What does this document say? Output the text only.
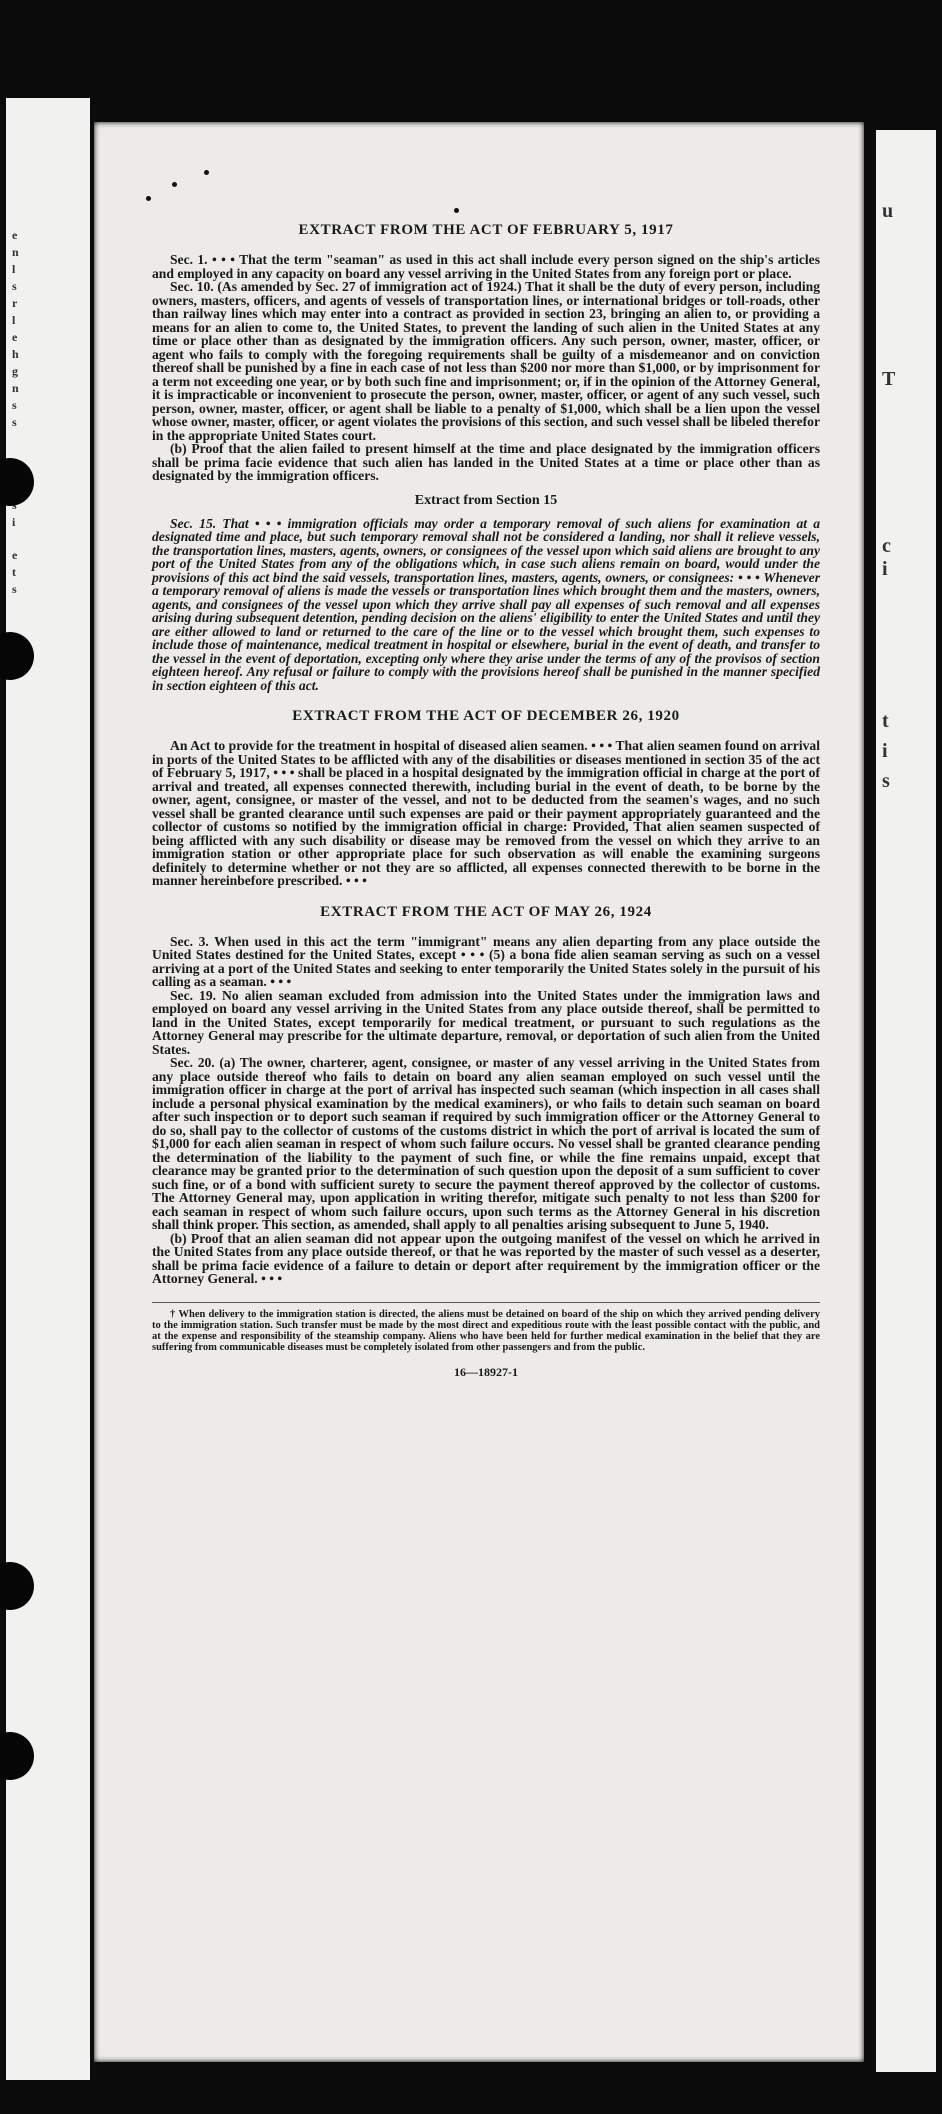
e
n
l
s
r
l
e
h
g
n
s
s
i
e
t
s
u
T
c
i
t
i
s
EXTRACT FROM THE ACT OF FEBRUARY 5, 1917

Sec. 1. • • • That the term "seaman" as used in this act shall include every person signed on the ship's articles and employed in any capacity on board any vessel arriving in the United States from any foreign port or place.

Sec. 10. (As amended by Sec. 27 of immigration act of 1924.) That it shall be the duty of every person, including owners, masters, officers, and agents of vessels of transportation lines, or international bridges or toll-roads, other than railway lines which may enter into a contract as provided in section 23, bringing an alien to, or providing a means for an alien to come to, the United States, to prevent the landing of such alien in the United States at any time or place other than as designated by the immigration officers. Any such person, owner, master, officer, or agent who fails to comply with the foregoing requirements shall be guilty of a misdemeanor and on conviction thereof shall be punished by a fine in each case of not less than $200 nor more than $1,000, or by imprisonment for a term not exceeding one year, or by both such fine and imprisonment; or, if in the opinion of the Attorney General, it is impracticable or inconvenient to prosecute the person, owner, master, officer, or agent of any such vessel, such person, owner, master, officer, or agent shall be liable to a penalty of $1,000, which shall be a lien upon the vessel whose owner, master, officer, or agent violates the provisions of this section, and such vessel shall be libeled therefor in the appropriate United States court.

(b) Proof that the alien failed to present himself at the time and place designated by the immigration officers shall be prima facie evidence that such alien has landed in the United States at a time or place other than as designated by the immigration officers.

Extract from Section 15

Sec. 15. That • • • immigration officials may order a temporary removal of such aliens for examination at a designated time and place, but such temporary removal shall not be considered a landing, nor shall it relieve vessels, the transportation lines, masters, agents, owners, or consignees of the vessel upon which said aliens are brought to any port of the United States from any of the obligations which, in case such aliens remain on board, would under the provisions of this act bind the said vessels, transportation lines, masters, agents, owners, or consignees: • • • Whenever a temporary removal of aliens is made the vessels or transportation lines which brought them and the masters, owners, agents, and consignees of the vessel upon which they arrive shall pay all expenses of such removal and all expenses arising during subsequent detention, pending decision on the aliens' eligibility to enter the United States and until they are either allowed to land or returned to the care of the line or to the vessel which brought them, such expenses to include those of maintenance, medical treatment in hospital or elsewhere, burial in the event of death, and transfer to the vessel in the event of deportation, excepting only where they arise under the terms of any of the provisos of section eighteen hereof. Any refusal or failure to comply with the provisions hereof shall be punished in the manner specified in section eighteen of this act.

EXTRACT FROM THE ACT OF DECEMBER 26, 1920

An Act to provide for the treatment in hospital of diseased alien seamen. • • • That alien seamen found on arrival in ports of the United States to be afflicted with any of the disabilities or diseases mentioned in section 35 of the act of February 5, 1917, • • • shall be placed in a hospital designated by the immigration official in charge at the port of arrival and treated, all expenses connected therewith, including burial in the event of death, to be borne by the owner, agent, consignee, or master of the vessel, and not to be deducted from the seamen's wages, and no such vessel shall be granted clearance until such expenses are paid or their payment appropriately guaranteed and the collector of customs so notified by the immigration official in charge: Provided, That alien seamen suspected of being afflicted with any such disability or disease may be removed from the vessel on which they arrive to an immigration station or other appropriate place for such observation as will enable the examining surgeons definitely to determine whether or not they are so afflicted, all expenses connected therewith to be borne in the manner hereinbefore prescribed. • • •

EXTRACT FROM THE ACT OF MAY 26, 1924

Sec. 3. When used in this act the term "immigrant" means any alien departing from any place outside the United States destined for the United States, except • • • (5) a bona fide alien seaman serving as such on a vessel arriving at a port of the United States and seeking to enter temporarily the United States solely in the pursuit of his calling as a seaman. • • •

Sec. 19. No alien seaman excluded from admission into the United States under the immigration laws and employed on board any vessel arriving in the United States from any place outside thereof, shall be permitted to land in the United States, except temporarily for medical treatment, or pursuant to such regulations as the Attorney General may prescribe for the ultimate departure, removal, or deportation of such alien from the United States.

Sec. 20. (a) The owner, charterer, agent, consignee, or master of any vessel arriving in the United States from any place outside thereof who fails to detain on board any alien seaman employed on such vessel until the immigration officer in charge at the port of arrival has inspected such seaman (which inspection in all cases shall include a personal physical examination by the medical examiners), or who fails to detain such seaman on board after such inspection or to deport such seaman if required by such immigration officer or the Attorney General to do so, shall pay to the collector of customs of the customs district in which the port of arrival is located the sum of $1,000 for each alien seaman in respect of whom such failure occurs. No vessel shall be granted clearance pending the determination of the liability to the payment of such fine, or while the fine remains unpaid, except that clearance may be granted prior to the determination of such question upon the deposit of a sum sufficient to cover such fine, or of a bond with sufficient surety to secure the payment thereof approved by the collector of customs. The Attorney General may, upon application in writing therefor, mitigate such penalty to not less than $200 for each seaman in respect of whom such failure occurs, upon such terms as the Attorney General in his discretion shall think proper. This section, as amended, shall apply to all penalties arising subsequent to June 5, 1940.

(b) Proof that an alien seaman did not appear upon the outgoing manifest of the vessel on which he arrived in the United States from any place outside thereof, or that he was reported by the master of such vessel as a deserter, shall be prima facie evidence of a failure to detain or deport after requirement by the immigration officer or the Attorney General. • • •

† When delivery to the immigration station is directed, the aliens must be detained on board of the ship on which they arrived pending delivery to the immigration station. Such transfer must be made by the most direct and expeditious route with the least possible contact with the public, and at the expense and responsibility of the steamship company. Aliens who have been held for further medical examination in the belief that they are suffering from communicable diseases must be completely isolated from other passengers and from the public.

16—18927-1
